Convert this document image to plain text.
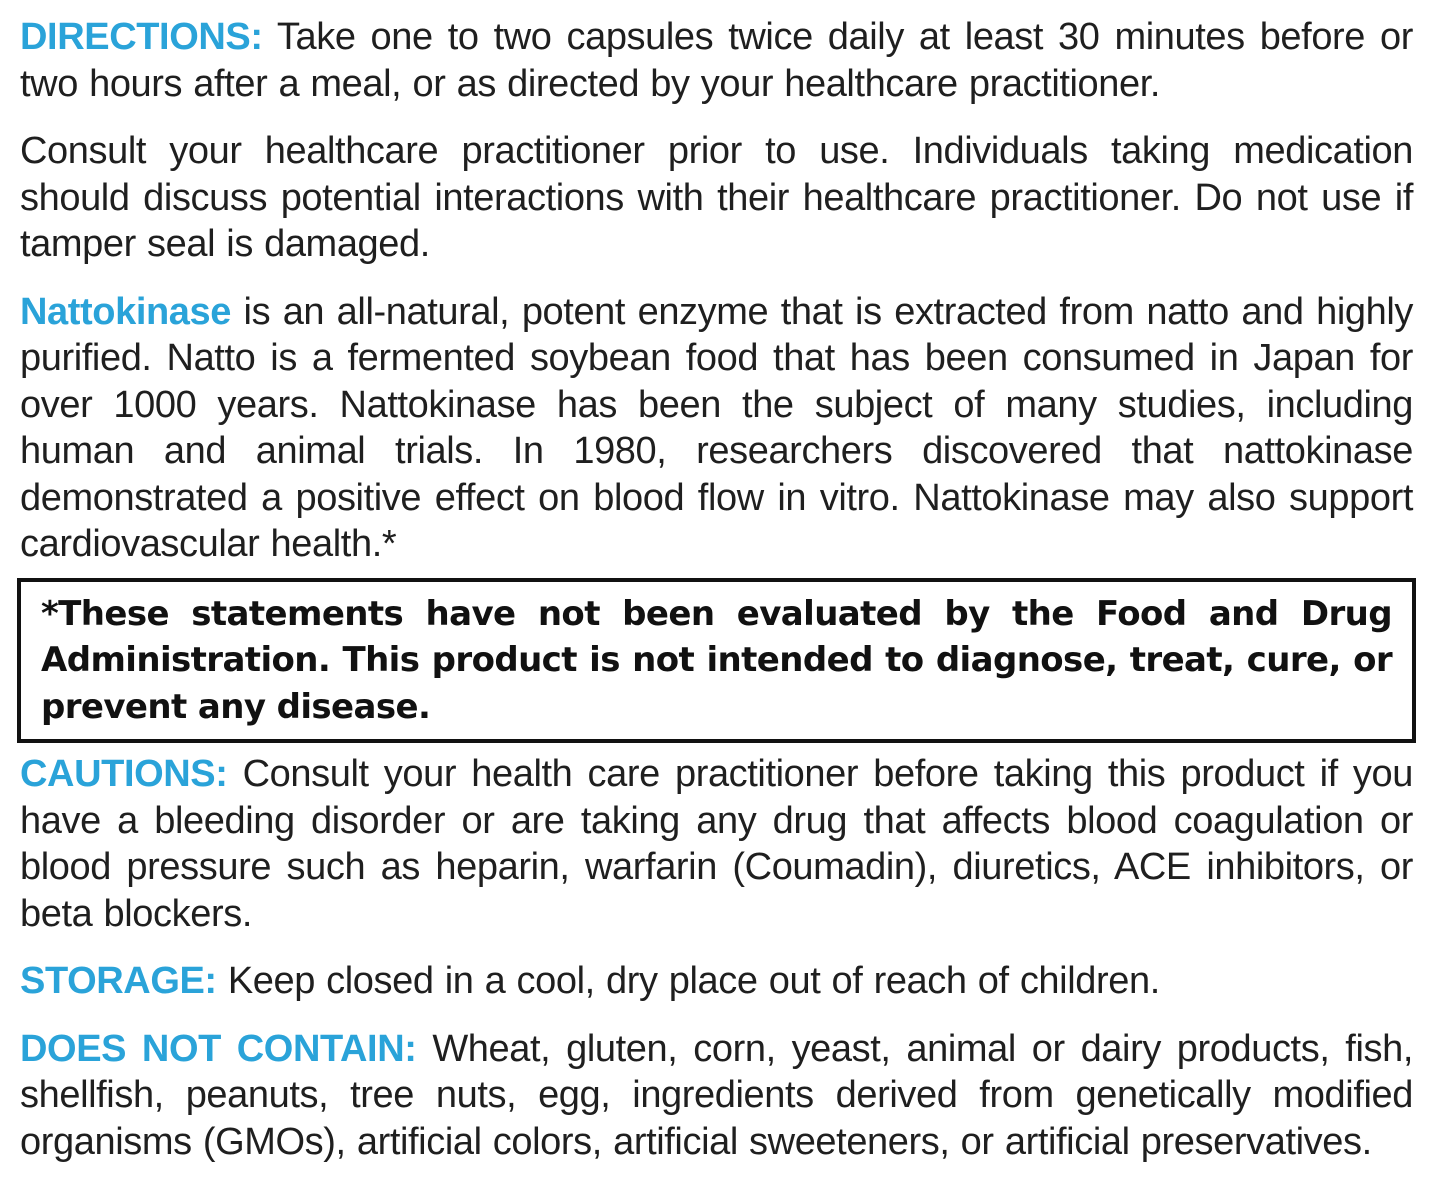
DIRECTIONS: Take one to two capsules twice daily at least 30 minutes before or two hours after a meal, or as directed by your healthcare practitioner.

Consult your healthcare practitioner prior to use. Individuals taking medication should discuss potential interactions with their healthcare practitioner. Do not use if tamper seal is damaged.

Nattokinase is an all-natural, potent enzyme that is extracted from natto and highly purified. Natto is a fermented soybean food that has been consumed in Japan for over 1000 years. Nattokinase has been the subject of many studies, including human and animal trials. In 1980, researchers discovered that nattokinase demonstrated a positive effect on blood flow in vitro. Nattokinase may also support cardiovascular health.*

*These statements have not been evaluated by the Food and Drug Administration. This product is not intended to diagnose, treat, cure, or prevent any disease.

CAUTIONS: Consult your health care practitioner before taking this product if you have a bleeding disorder or are taking any drug that affects blood coagulation or blood pressure such as heparin, warfarin (Coumadin), diuretics, ACE inhibitors, or beta blockers.

STORAGE: Keep closed in a cool, dry place out of reach of children.

DOES NOT CONTAIN: Wheat, gluten, corn, yeast, animal or dairy products, fish, shellfish, peanuts, tree nuts, egg, ingredients derived from genetically modified organisms (GMOs), artificial colors, artificial sweeteners, or artificial preservatives.
